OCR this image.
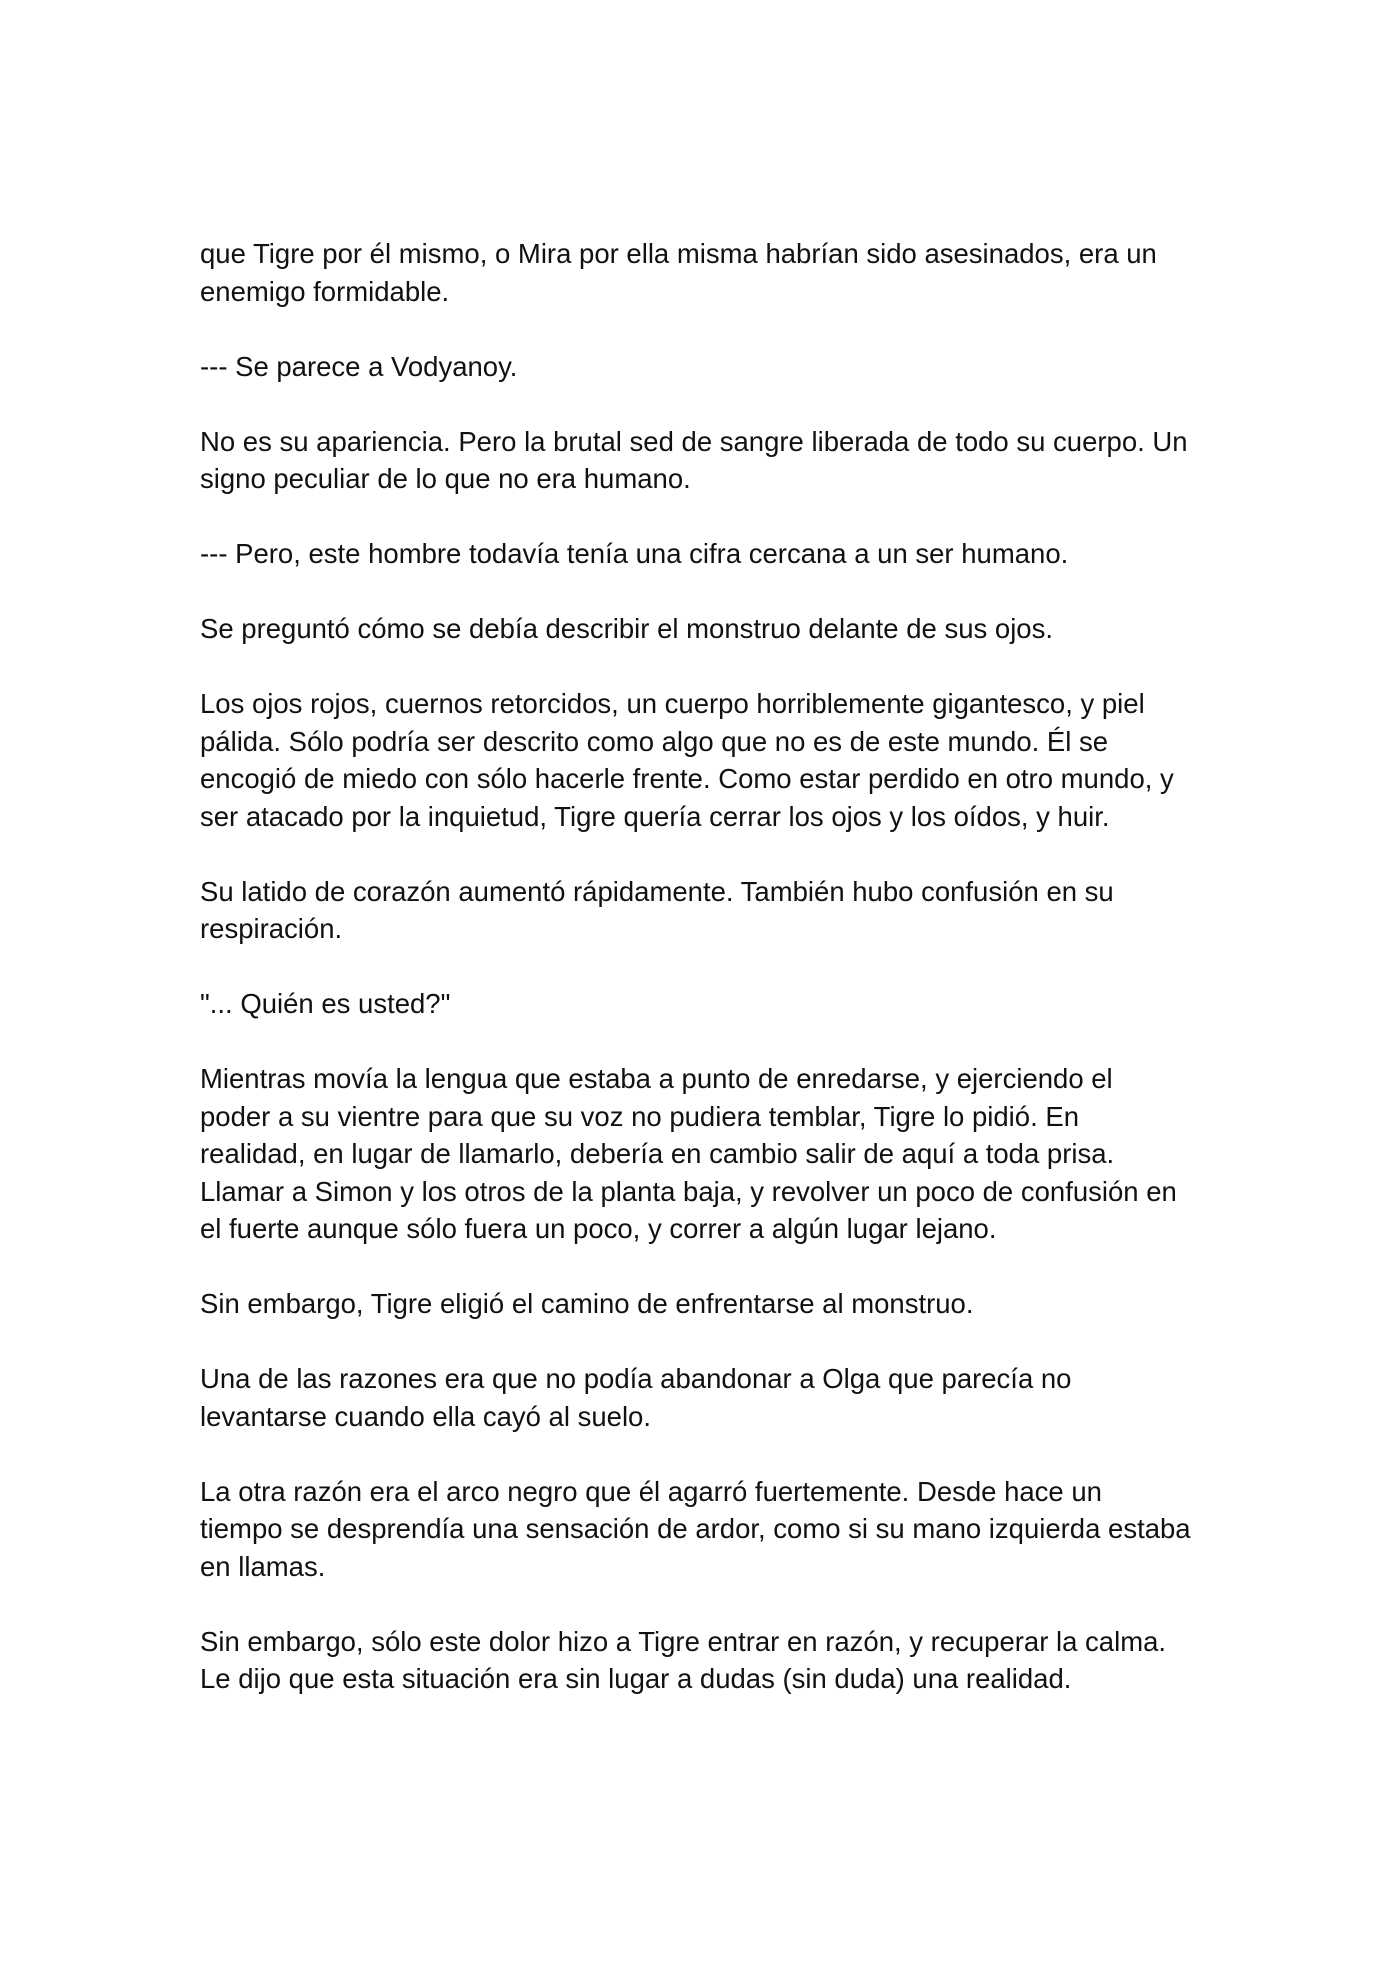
que Tigre por él mismo, o Mira por ella misma habrían sido asesinados, era un
enemigo formidable.

--- Se parece a Vodyanoy.

No es su apariencia. Pero la brutal sed de sangre liberada de todo su cuerpo. Un
signo peculiar de lo que no era humano.

--- Pero, este hombre todavía tenía una cifra cercana a un ser humano.

Se preguntó cómo se debía describir el monstruo delante de sus ojos.

Los ojos rojos, cuernos retorcidos, un cuerpo horriblemente gigantesco, y piel
pálida. Sólo podría ser descrito como algo que no es de este mundo. Él se
encogió de miedo con sólo hacerle frente. Como estar perdido en otro mundo, y
ser atacado por la inquietud, Tigre quería cerrar los ojos y los oídos, y huir.

Su latido de corazón aumentó rápidamente. También hubo confusión en su
respiración.

"... Quién es usted?"

Mientras movía la lengua que estaba a punto de enredarse, y ejerciendo el
poder a su vientre para que su voz no pudiera temblar, Tigre lo pidió. En
realidad, en lugar de llamarlo, debería en cambio salir de aquí a toda prisa.
Llamar a Simon y los otros de la planta baja, y revolver un poco de confusión en
el fuerte aunque sólo fuera un poco, y correr a algún lugar lejano.

Sin embargo, Tigre eligió el camino de enfrentarse al monstruo.

Una de las razones era que no podía abandonar a Olga que parecía no
levantarse cuando ella cayó al suelo.

La otra razón era el arco negro que él agarró fuertemente. Desde hace un
tiempo se desprendía una sensación de ardor, como si su mano izquierda estaba
en llamas.

Sin embargo, sólo este dolor hizo a Tigre entrar en razón, y recuperar la calma.
Le dijo que esta situación era sin lugar a dudas (sin duda) una realidad.
